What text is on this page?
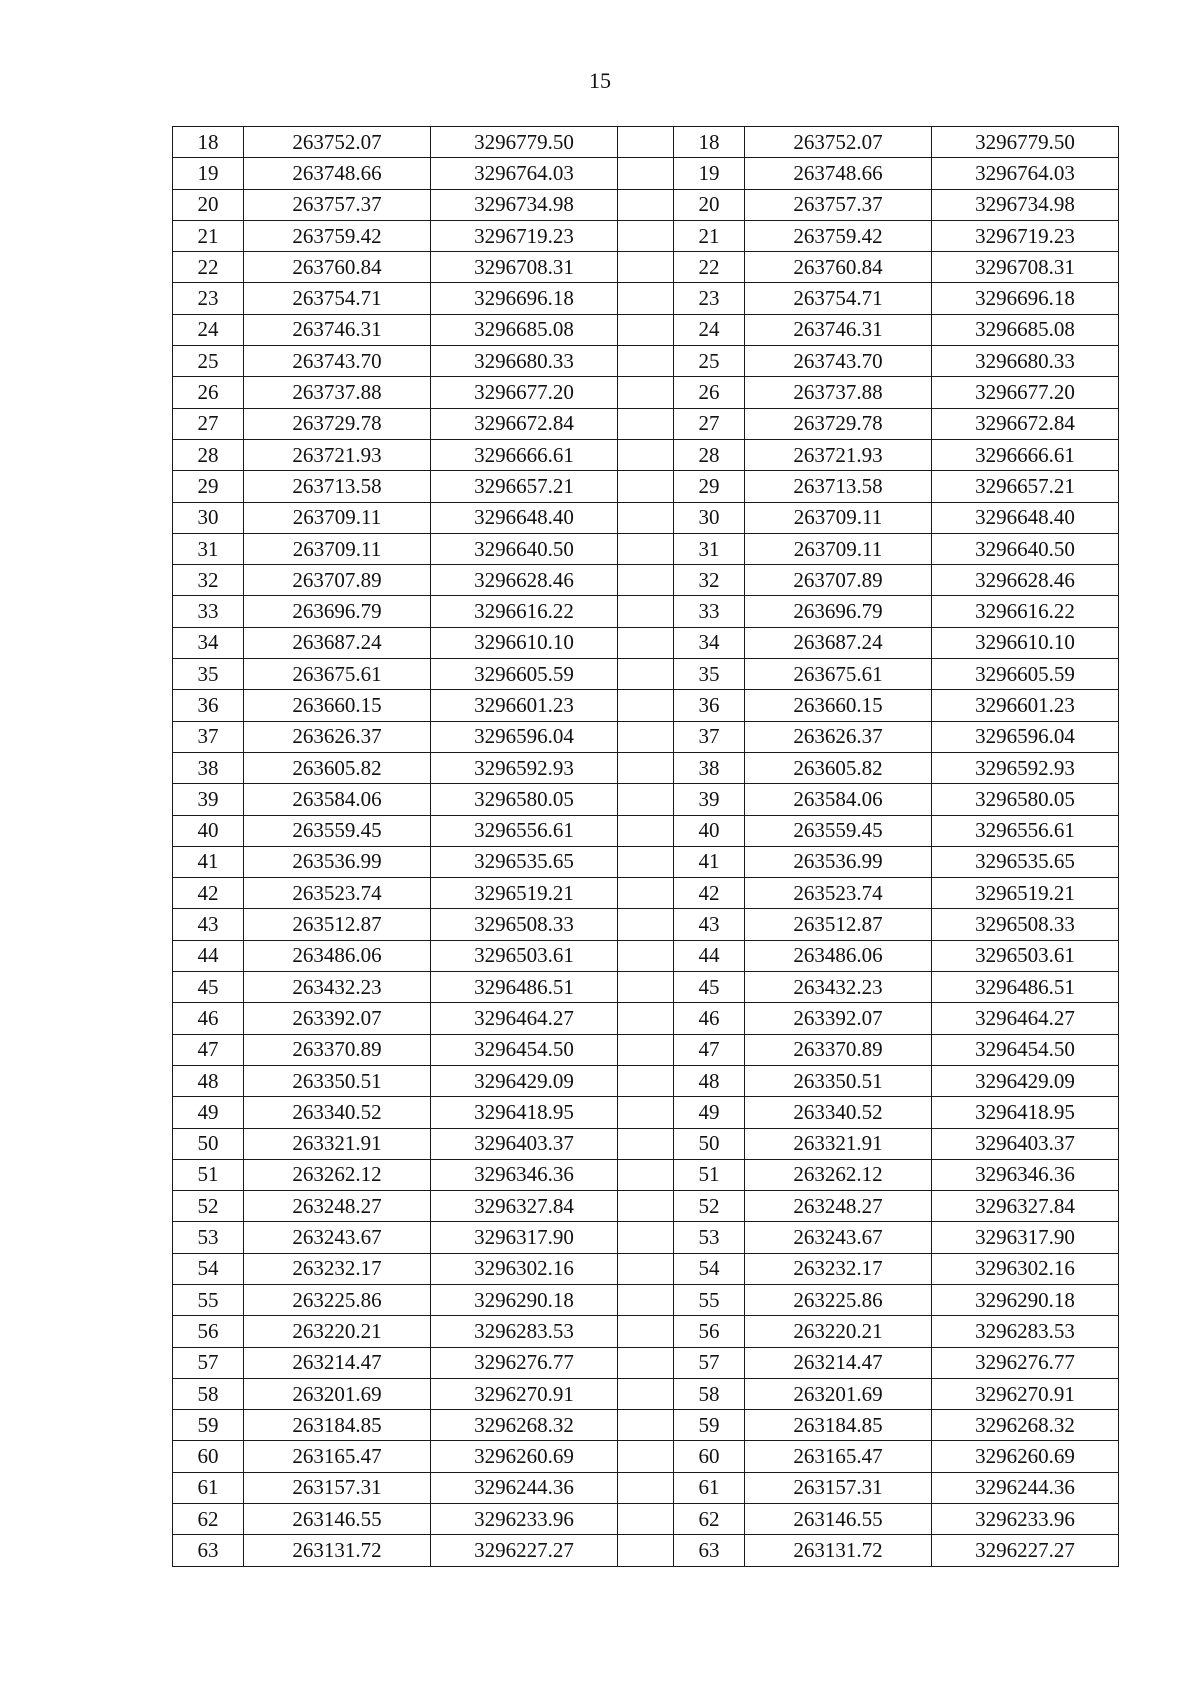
15
18	263752.07	3296779.50		18	263752.07	3296779.50
19	263748.66	3296764.03		19	263748.66	3296764.03
20	263757.37	3296734.98		20	263757.37	3296734.98
21	263759.42	3296719.23		21	263759.42	3296719.23
22	263760.84	3296708.31		22	263760.84	3296708.31
23	263754.71	3296696.18		23	263754.71	3296696.18
24	263746.31	3296685.08		24	263746.31	3296685.08
25	263743.70	3296680.33		25	263743.70	3296680.33
26	263737.88	3296677.20		26	263737.88	3296677.20
27	263729.78	3296672.84		27	263729.78	3296672.84
28	263721.93	3296666.61		28	263721.93	3296666.61
29	263713.58	3296657.21		29	263713.58	3296657.21
30	263709.11	3296648.40		30	263709.11	3296648.40
31	263709.11	3296640.50		31	263709.11	3296640.50
32	263707.89	3296628.46		32	263707.89	3296628.46
33	263696.79	3296616.22		33	263696.79	3296616.22
34	263687.24	3296610.10		34	263687.24	3296610.10
35	263675.61	3296605.59		35	263675.61	3296605.59
36	263660.15	3296601.23		36	263660.15	3296601.23
37	263626.37	3296596.04		37	263626.37	3296596.04
38	263605.82	3296592.93		38	263605.82	3296592.93
39	263584.06	3296580.05		39	263584.06	3296580.05
40	263559.45	3296556.61		40	263559.45	3296556.61
41	263536.99	3296535.65		41	263536.99	3296535.65
42	263523.74	3296519.21		42	263523.74	3296519.21
43	263512.87	3296508.33		43	263512.87	3296508.33
44	263486.06	3296503.61		44	263486.06	3296503.61
45	263432.23	3296486.51		45	263432.23	3296486.51
46	263392.07	3296464.27		46	263392.07	3296464.27
47	263370.89	3296454.50		47	263370.89	3296454.50
48	263350.51	3296429.09		48	263350.51	3296429.09
49	263340.52	3296418.95		49	263340.52	3296418.95
50	263321.91	3296403.37		50	263321.91	3296403.37
51	263262.12	3296346.36		51	263262.12	3296346.36
52	263248.27	3296327.84		52	263248.27	3296327.84
53	263243.67	3296317.90		53	263243.67	3296317.90
54	263232.17	3296302.16		54	263232.17	3296302.16
55	263225.86	3296290.18		55	263225.86	3296290.18
56	263220.21	3296283.53		56	263220.21	3296283.53
57	263214.47	3296276.77		57	263214.47	3296276.77
58	263201.69	3296270.91		58	263201.69	3296270.91
59	263184.85	3296268.32		59	263184.85	3296268.32
60	263165.47	3296260.69		60	263165.47	3296260.69
61	263157.31	3296244.36		61	263157.31	3296244.36
62	263146.55	3296233.96		62	263146.55	3296233.96
63	263131.72	3296227.27		63	263131.72	3296227.27
